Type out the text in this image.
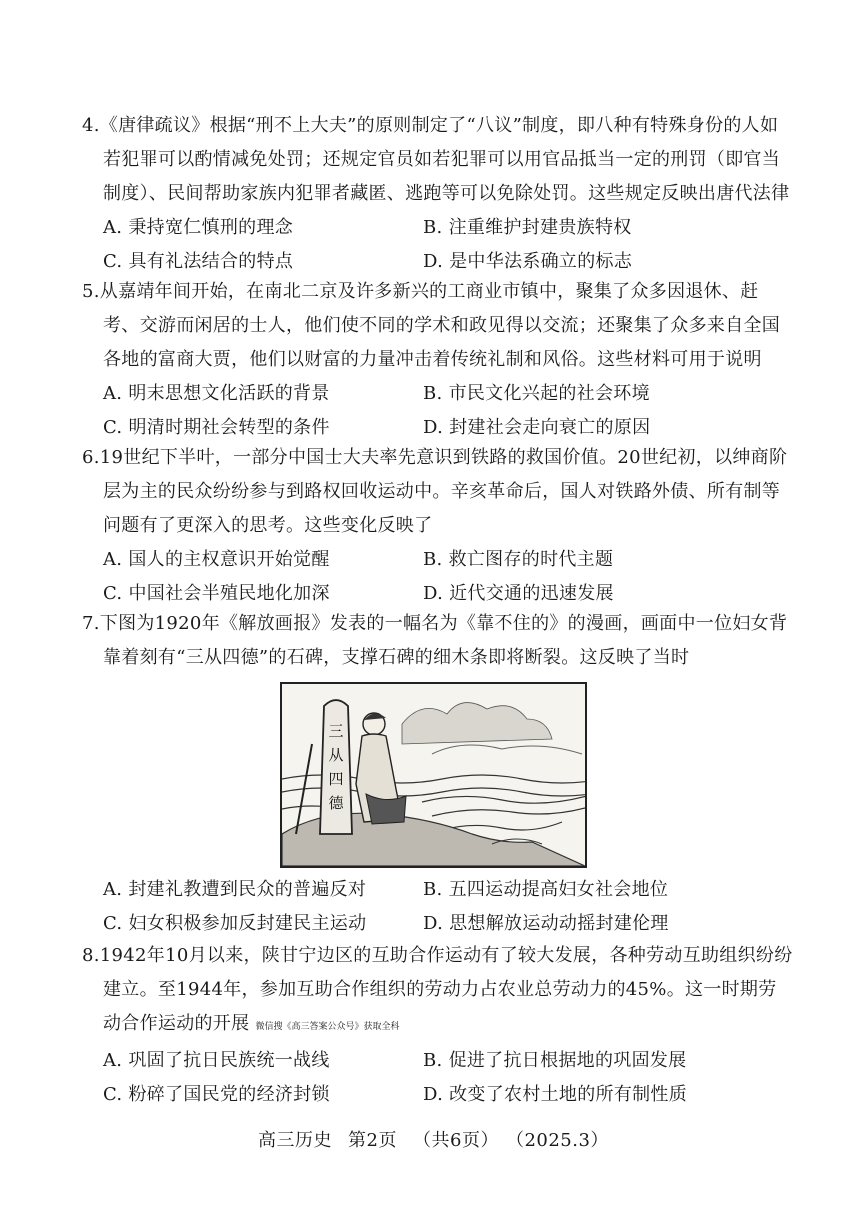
4.《唐律疏议》根据“刑不上大夫”的原则制定了“八议”制度，即八种有特殊身份的人如若犯罪可以酌情减免处罚；还规定官员如若犯罪可以用官品抵当一定的刑罚（即官当制度）、民间帮助家族内犯罪者藏匿、逃跑等可以免除处罚。这些规定反映出唐代法律

A. 秉持宽仁慎刑的理念	B. 注重维护封建贵族特权
C. 具有礼法结合的特点	D. 是中华法系确立的标志

5.从嘉靖年间开始，在南北二京及许多新兴的工商业市镇中，聚集了众多因退休、赶考、交游而闲居的士人，他们使不同的学术和政见得以交流；还聚集了众多来自全国各地的富商大贾，他们以财富的力量冲击着传统礼制和风俗。这些材料可用于说明

A. 明末思想文化活跃的背景	B. 市民文化兴起的社会环境
C. 明清时期社会转型的条件	D. 封建社会走向衰亡的原因

6.19世纪下半叶，一部分中国士大夫率先意识到铁路的救国价值。20世纪初，以绅商阶层为主的民众纷纷参与到路权回收运动中。辛亥革命后，国人对铁路外债、所有制等问题有了更深入的思考。这些变化反映了

A. 国人的主权意识开始觉醒	B. 救亡图存的时代主题
C. 中国社会半殖民地化加深	D. 近代交通的迅速发展

7.下图为1920年《解放画报》发表的一幅名为《靠不住的》的漫画，画面中一位妇女背靠着刻有“三从四德”的石碑，支撑石碑的细木条即将断裂。这反映了当时

三
从
四
德
A. 封建礼教遭到民众的普遍反对	B. 五四运动提高妇女社会地位
C. 妇女积极参加反封建民主运动	D. 思想解放运动动摇封建伦理

8.1942年10月以来，陕甘宁边区的互助合作运动有了较大发展，各种劳动互助组织纷纷建立。至1944年，参加互助合作组织的劳动力占农业总劳动力的45%。这一时期劳动合作运动的开展 微信搜《高三答案公众号》获取全科

A. 巩固了抗日民族统一战线	B. 促进了抗日根据地的巩固发展
C. 粉碎了国民党的经济封锁	D. 改变了农村土地的所有制性质
高三历史 第2页 （共6页） （2025.3）
